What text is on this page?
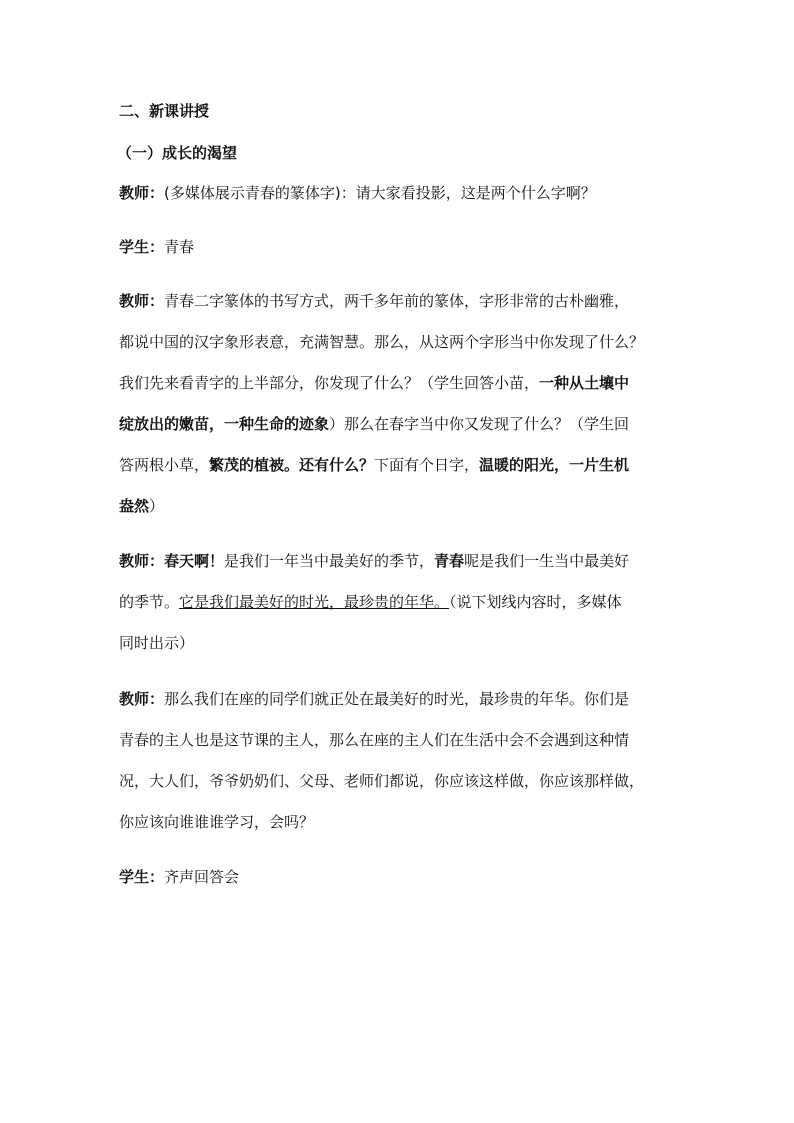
二、新课讲授
（一）成长的渴望
教师：(多媒体展示青春的篆体字)：请大家看投影，这是两个什么字啊？
学生：青春
教师：青春二字篆体的书写方式，两千多年前的篆体，字形非常的古朴幽雅，
都说中国的汉字象形表意，充满智慧。那么，从这两个字形当中你发现了什么？
我们先来看青字的上半部分，你发现了什么？（学生回答小苗，一种从土壤中
绽放出的嫩苗，一种生命的迹象）那么在春字当中你又发现了什么？（学生回
答两根小草，繁茂的植被。还有什么？下面有个日字，温暖的阳光，一片生机
盎然）
教师：春天啊！是我们一年当中最美好的季节，青春呢是我们一生当中最美好
的季节。它是我们最美好的时光，最珍贵的年华。（说下划线内容时，多媒体
同时出示）
教师：那么我们在座的同学们就正处在最美好的时光，最珍贵的年华。你们是
青春的主人也是这节课的主人，那么在座的主人们在生活中会不会遇到这种情
况，大人们，爷爷奶奶们、父母、老师们都说，你应该这样做，你应该那样做，
你应该向谁谁谁学习，会吗？
学生：齐声回答会
